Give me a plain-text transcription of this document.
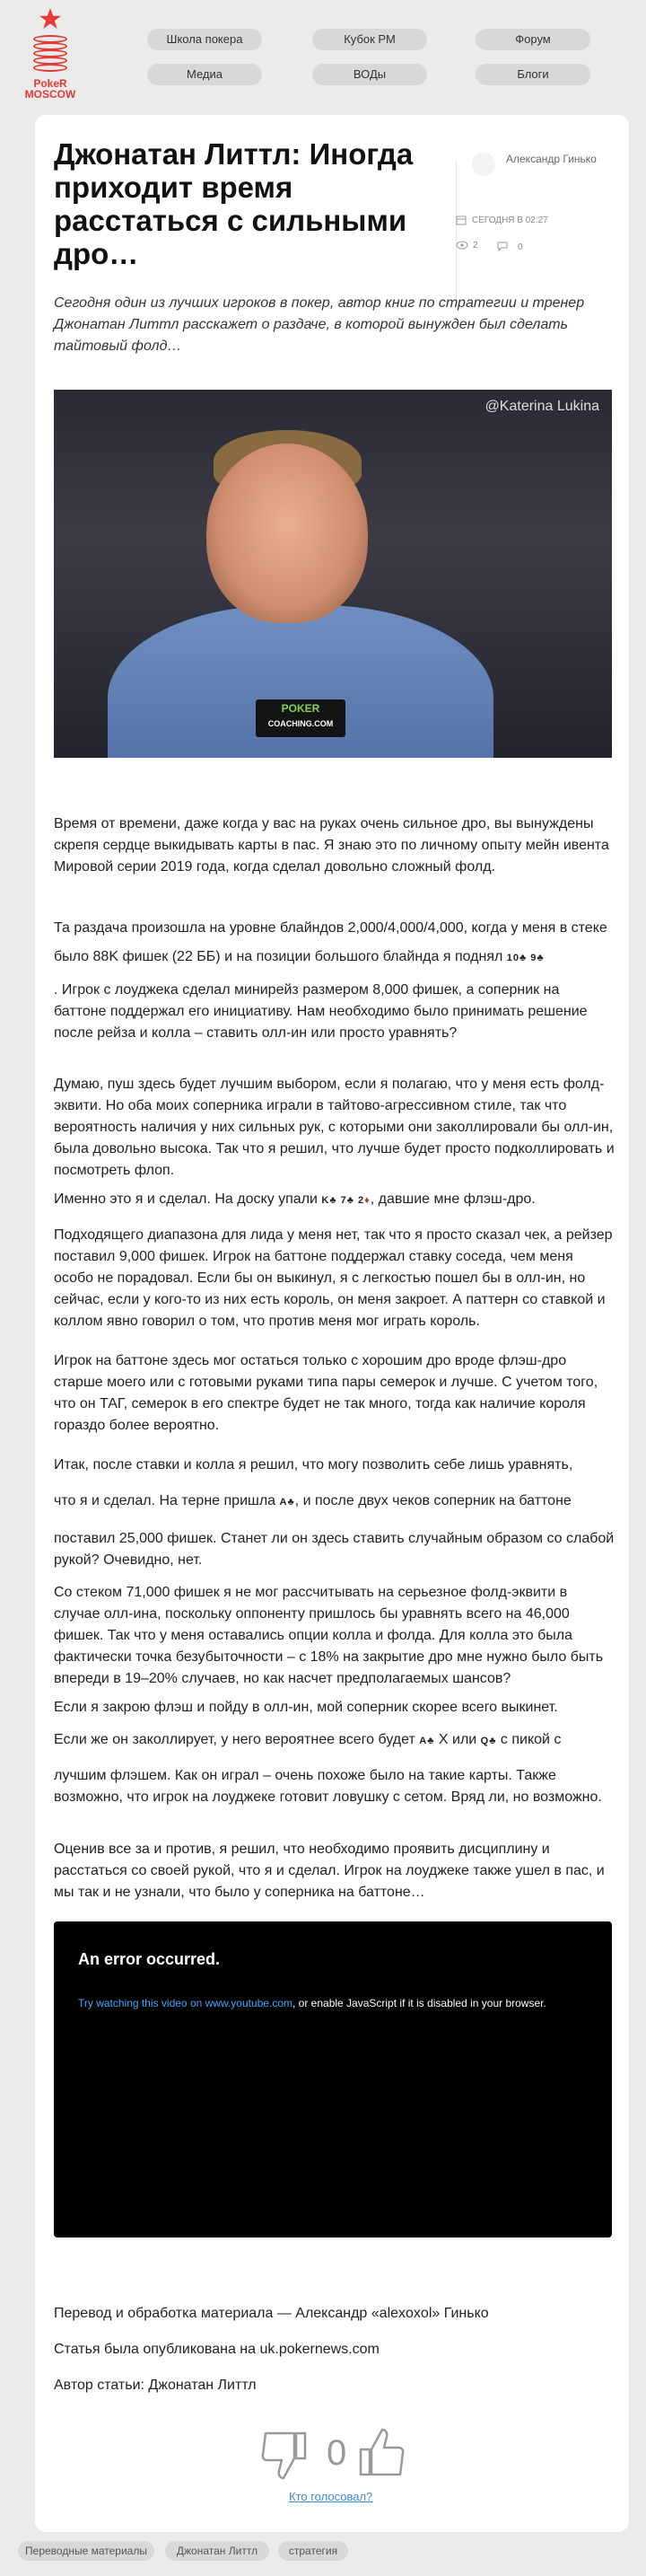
PokeR
MOSCOW
Школа покера	Кубок РМ	Форум
Медиа	ВОДы	Блоги
Джонатан Литтл: Иногда приходит время расстаться с сильными дро…
Александр Гинько
СЕГОДНЯ В 02:27
2	0

Сегодня один из лучших игроков в покер, автор книг по стратегии и тренер Джонатан Литтл расскажет о раздаче, в которой вынужден был сделать тайтовый фолд…

POKER
COACHING.COM
@Katerina Lukina

Время от времени, даже когда у вас на руках очень сильное дро, вы вынуждены скрепя сердце выкидывать карты в пас. Я знаю это по личному опыту мейн ивента Мировой серии 2019 года, когда сделал довольно сложный фолд.

Та раздача произошла на уровне блайндов 2,000/4,000/4,000, когда у меня в стеке было 88K фишек (22 ББ) и на позиции большого блайнда я поднял 10♣ 9♣

. Игрок с лоуджека сделал минирейз размером 8,000 фишек, а соперник на баттоне поддержал его инициативу. Нам необходимо было принимать решение после рейза и колла – ставить олл-ин или просто уравнять?

Думаю, пуш здесь будет лучшим выбором, если я полагаю, что у меня есть фолд-эквити. Но оба моих соперника играли в тайтово-агрессивном стиле, так что вероятность наличия у них сильных рук, с которыми они заколлировали бы олл-ин, была довольно высока. Так что я решил, что лучше будет просто подколлировать и посмотреть флоп.

Именно это я и сделал. На доску упали K♣ 7♣ 2♦, давшие мне флэш-дро.

Подходящего диапазона для лида у меня нет, так что я просто сказал чек, а рейзер поставил 9,000 фишек. Игрок на баттоне поддержал ставку соседа, чем меня особо не порадовал. Если бы он выкинул, я с легкостью пошел бы в олл-ин, но сейчас, если у кого-то из них есть король, он меня закроет. А паттерн со ставкой и коллом явно говорил о том, что против меня мог играть король.

Игрок на баттоне здесь мог остаться только с хорошим дро вроде флэш-дро старше моего или с готовыми руками типа пары семерок и лучше. С учетом того, что он ТАГ, семерок в его спектре будет не так много, тогда как наличие короля гораздо более вероятно.

Итак, после ставки и колла я решил, что могу позволить себе лишь уравнять,

что я и сделал. На терне пришла A♣, и после двух чеков соперник на баттоне

поставил 25,000 фишек. Станет ли он здесь ставить случайным образом со слабой рукой? Очевидно, нет.

Со стеком 71,000 фишек я не мог рассчитывать на серьезное фолд-эквити в случае олл-ина, поскольку оппоненту пришлось бы уравнять всего на 46,000 фишек. Так что у меня оставались опции колла и фолда. Для колла это была фактически точка безубыточности – с 18% на закрытие дро мне нужно было быть впереди в 19–20% случаев, но как насчет предполагаемых шансов?

Если я закрою флэш и пойду в олл-ин, мой соперник скорее всего выкинет.

Если же он заколлирует, у него вероятнее всего будет A♣ X или Q♣ с пикой с

лучшим флэшем. Как он играл – очень похоже было на такие карты. Также возможно, что игрок на лоуджеке готовит ловушку с сетом. Вряд ли, но возможно.

Оценив все за и против, я решил, что необходимо проявить дисциплину и расстаться со своей рукой, что я и сделал. Игрок на лоуджеке также ушел в пас, и мы так и не узнали, что было у соперника на баттоне…

An error occurred.
Try watching this video on www.youtube.com, or enable JavaScript if it is disabled in your browser.

Перевод и обработка материала — Александр «alexoxol» Гинько

Статья была опубликована на uk.pokernews.com

Автор статьи: Джонатан Литтл

0
Кто голосовал?
Переводные материалы	Джонатан Литтл	стратегия
